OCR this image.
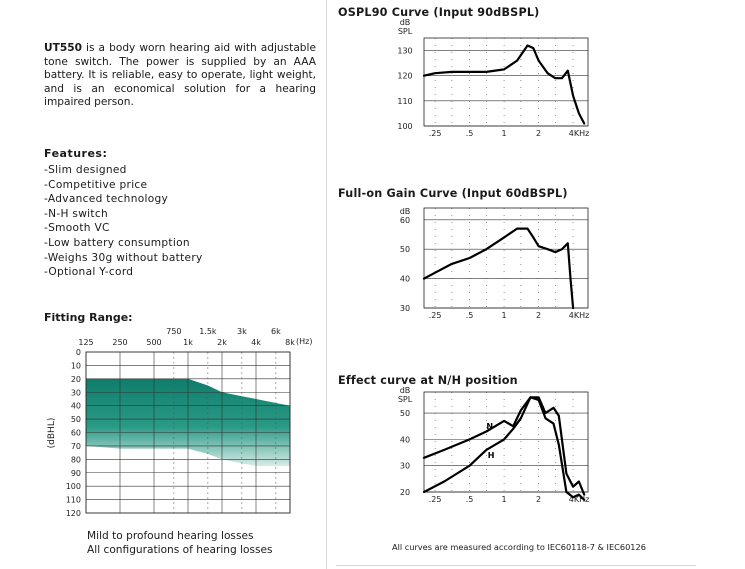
UT550 is a body worn hearing aid with adjustable tone switch. The power is supplied by an AAA battery. It is reliable, easy to operate, light weight, and is an economical solution for a hearing impaired person.
Features:
-Slim designed
-Competitive price
-Advanced technology
-N-H switch
-Smooth VC
-Low battery consumption
-Weighs 30g without battery
-Optional Y-cord
Fitting Range:
0
10
20
30
40
50
60
70
80
90
100
110
120
125 250 500	1k	2k	4k	8k
750 1.5k	3k	6k
(Hz)
(dBHL)
Mild to profound hearing losses
All configurations of hearing losses
OSPL90 Curve (Input 90dBSPL)
130
120
110
100
dB
SPL
.25	.5	1	2	4KHz
Full-on Gain Curve (Input 60dBSPL)
60
50
40
30
dB
.25	.5	1	2	4KHz
Effect curve at N/H position
50
40
30
20
dB
SPL
.25	.5	1	2	4KHz
N
H
All curves are measured according to IEC60118-7 & IEC60126
